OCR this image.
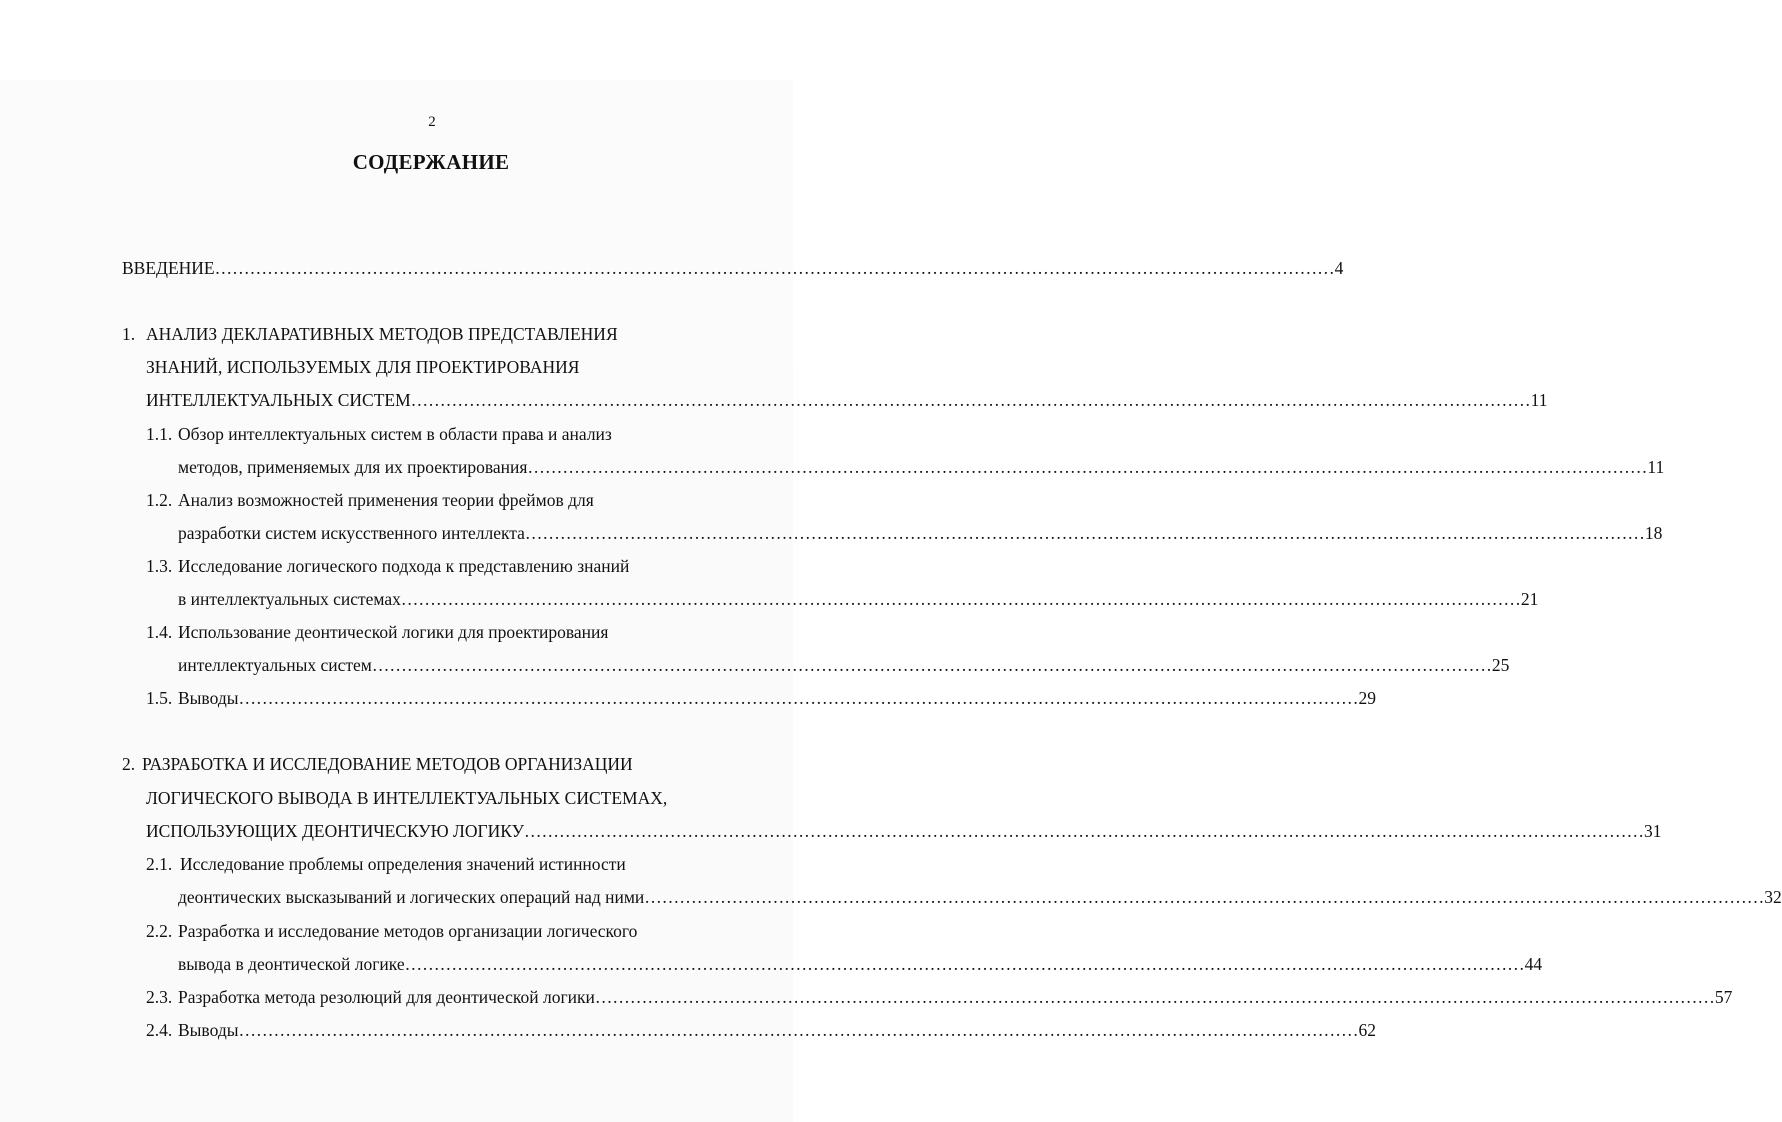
2
СОДЕРЖАНИЕ
ВВЕДЕНИЕ ………………………………………………………………………………………………………………………………………………………………………… 4
1. АНАЛИЗ ДЕКЛАРАТИВНЫХ МЕТОДОВ ПРЕДСТАВЛЕНИЯ
ЗНАНИЙ, ИСПОЛЬЗУЕМЫХ ДЛЯ ПРОЕКТИРОВАНИЯ
ИНТЕЛЛЕКТУАЛЬНЫХ СИСТЕМ ………………………………………………………………………………………………………………………………………………………………………… 11
1.1. Обзор интеллектуальных систем в области права и анализ
методов, применяемых для их проектирования ………………………………………………………………………………………………………………………………………………………………………… 11
1.2. Анализ возможностей применения теории фреймов для
разработки систем искусственного интеллекта ………………………………………………………………………………………………………………………………………………………………………… 18
1.3. Исследование логического подхода к представлению знаний
в интеллектуальных системах ………………………………………………………………………………………………………………………………………………………………………… 21
1.4. Использование деонтической логики для проектирования
интеллектуальных систем ………………………………………………………………………………………………………………………………………………………………………… 25
1.5. Выводы ………………………………………………………………………………………………………………………………………………………………………… 29
2. РАЗРАБОТКА И ИССЛЕДОВАНИЕ МЕТОДОВ ОРГАНИЗАЦИИ
ЛОГИЧЕСКОГО ВЫВОДА В ИНТЕЛЛЕКТУАЛЬНЫХ СИСТЕМАХ,
ИСПОЛЬЗУЮЩИХ ДЕОНТИЧЕСКУЮ ЛОГИКУ ………………………………………………………………………………………………………………………………………………………………………… 31
2.1. Исследование проблемы определения значений истинности
деонтических высказываний и логических операций над ними ………………………………………………………………………………………………………………………………………………………………………… 32
2.2. Разработка и исследование методов организации логического
вывода в деонтической логике ………………………………………………………………………………………………………………………………………………………………………… 44
2.3. Разработка метода резолюций для деонтической логики ………………………………………………………………………………………………………………………………………………………………………… 57
2.4. Выводы ………………………………………………………………………………………………………………………………………………………………………… 62
